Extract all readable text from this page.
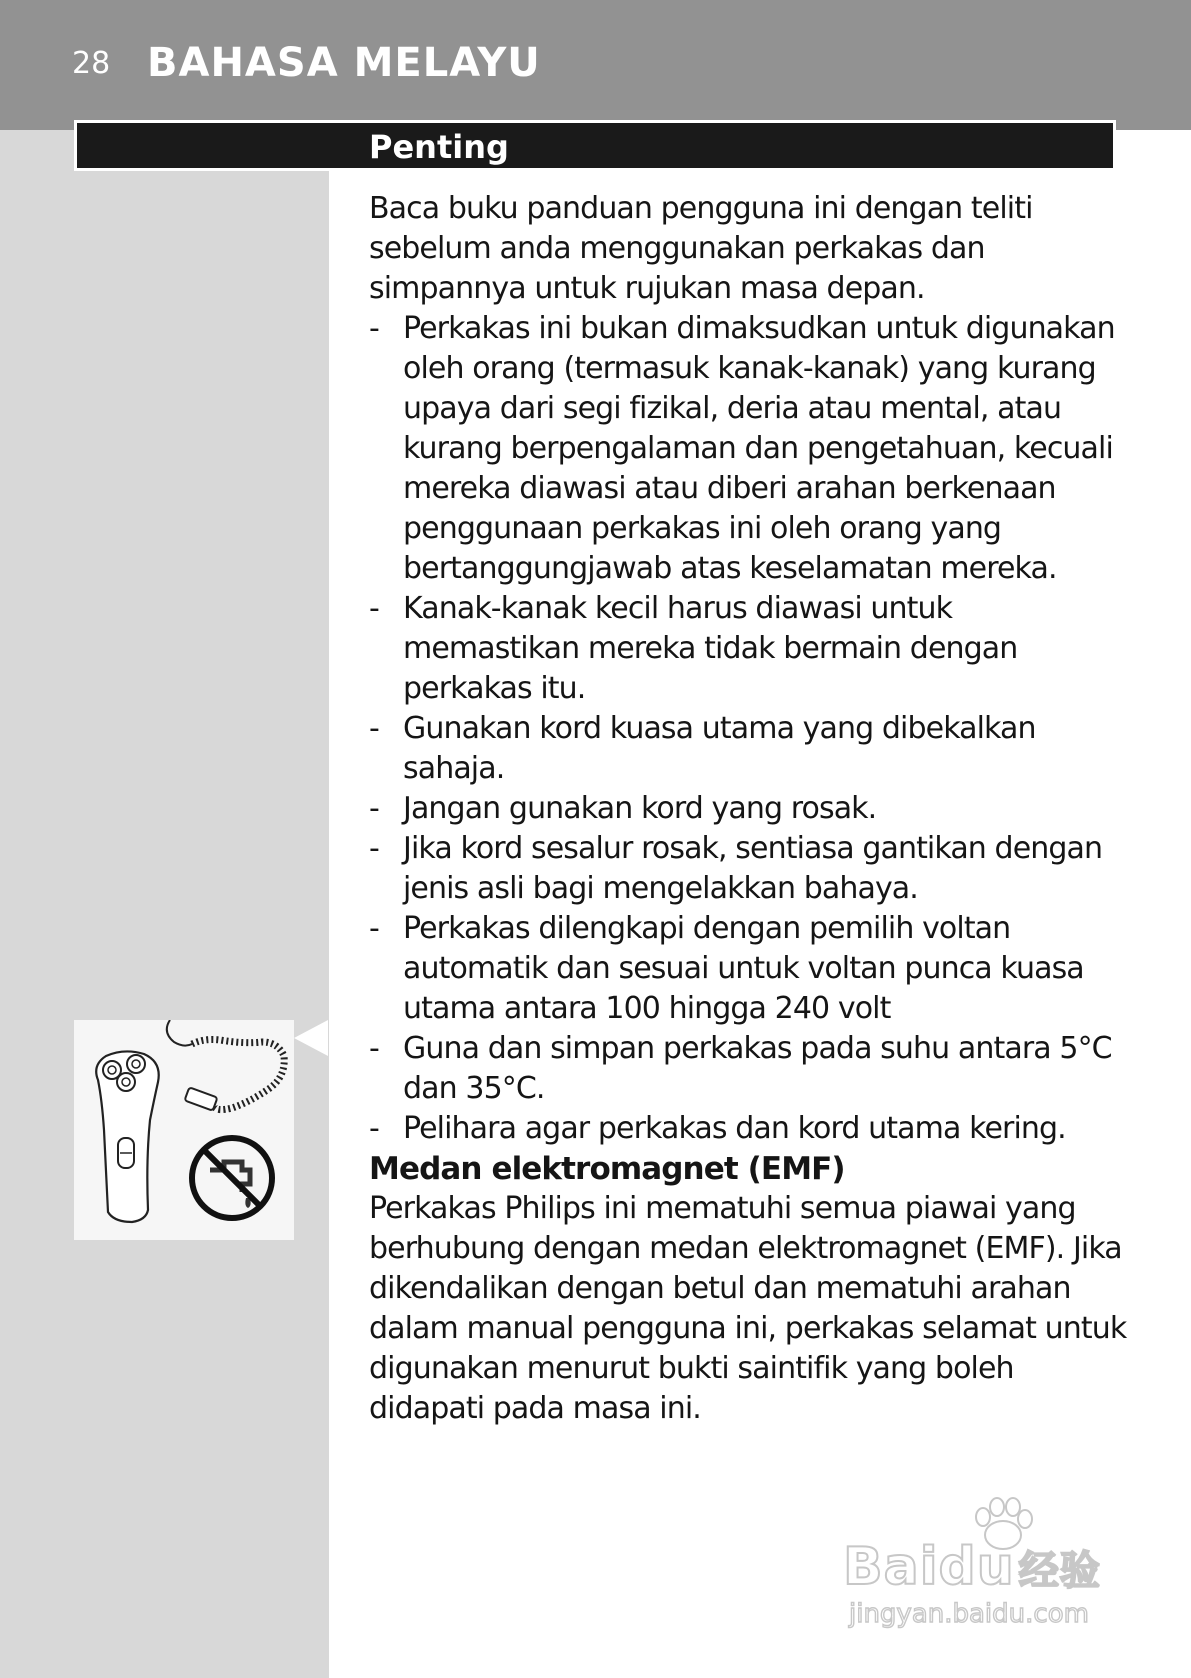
28 BAHASA MELAYU
Penting

Baca buku panduan pengguna ini dengan teliti sebelum anda menggunakan perkakas dan simpannya untuk rujukan masa depan.

- Perkakas ini bukan dimaksudkan untuk digunakan oleh orang (termasuk kanak-kanak) yang kurang upaya dari segi fizikal, deria atau mental, atau kurang berpengalaman dan pengetahuan, kecuali mereka diawasi atau diberi arahan berkenaan penggunaan perkakas ini oleh orang yang bertanggungjawab atas keselamatan mereka.
- Kanak-kanak kecil harus diawasi untuk memastikan mereka tidak bermain dengan perkakas itu.
- Gunakan kord kuasa utama yang dibekalkan sahaja.
- Jangan gunakan kord yang rosak.
- Jika kord sesalur rosak, sentiasa gantikan dengan jenis asli bagi mengelakkan bahaya.
- Perkakas dilengkapi dengan pemilih voltan automatik dan sesuai untuk voltan punca kuasa utama antara 100 hingga 240 volt
- Guna dan simpan perkakas pada suhu antara 5°C dan 35°C.
- Pelihara agar perkakas dan kord utama kering.

Medan elektromagnet (EMF)

Perkakas Philips ini mematuhi semua piawai yang berhubung dengan medan elektromagnet (EMF). Jika dikendalikan dengan betul dan mematuhi arahan dalam manual pengguna ini, perkakas selamat untuk digunakan menurut bukti saintifik yang boleh didapati pada masa ini.

Baidu 经验
jingyan.baidu.com
